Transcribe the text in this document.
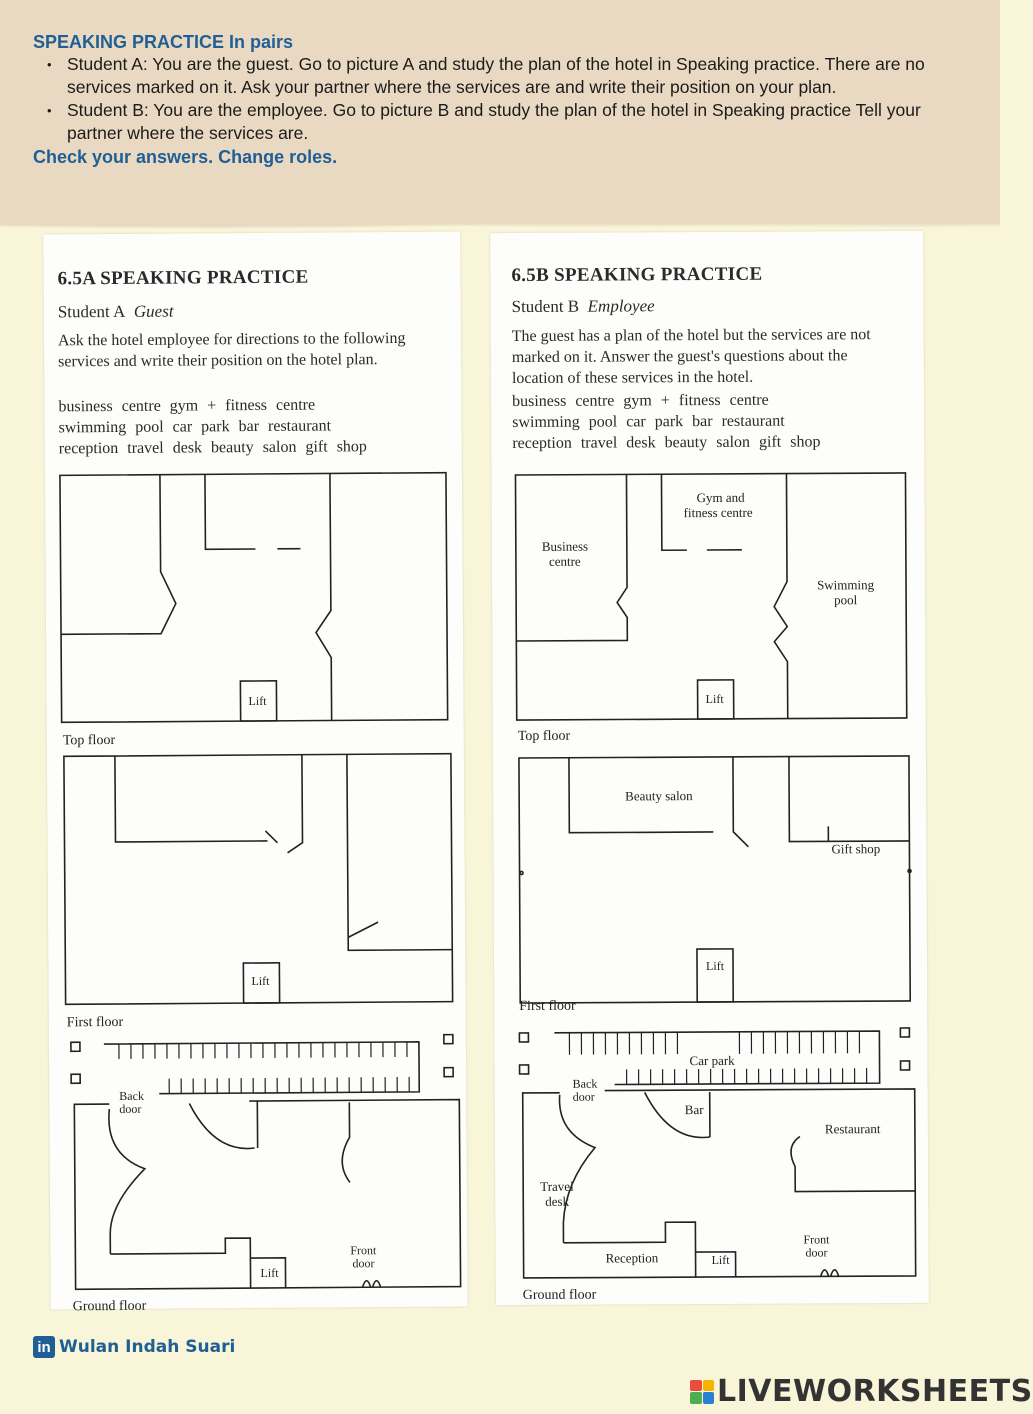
SPEAKING PRACTICE In pairs
• Student A: You are the guest. Go to picture A and study the plan of the hotel in Speaking practice. There are no services marked on it. Ask your partner where the services are and write their position on your plan.
• Student B: You are the employee. Go to picture B and study the plan of the hotel in Speaking practice Tell your partner where the services are.
Check your answers. Change roles.
6.5A SPEAKING PRACTICE
Student A Guest
Ask the hotel employee for directions to the following services and write their position on the hotel plan.
business centre gym + fitness centre
swimming pool car park bar restaurant
reception travel desk beauty salon gift shop
Lift
Top floor
Lift
First floor
Back
door
Lift
Front
door
Ground floor
6.5B SPEAKING PRACTICE
Student B Employee
The guest has a plan of the hotel but the services are not marked on it. Answer the guest's questions about the location of these services in the hotel.
business centre gym + fitness centre
swimming pool car park bar restaurant
reception travel desk beauty salon gift shop
Lift
Gym and
fitness centre
Business
centre
Swimming
pool
Top floor
Beauty salon
Gift shop
Lift
First floor
Car park
Back
door
Bar
Restaurant
Travel
desk
Reception	Lift
Front
door
Ground floor
in Wulan Indah Suari
LIVEWORKSHEETS
